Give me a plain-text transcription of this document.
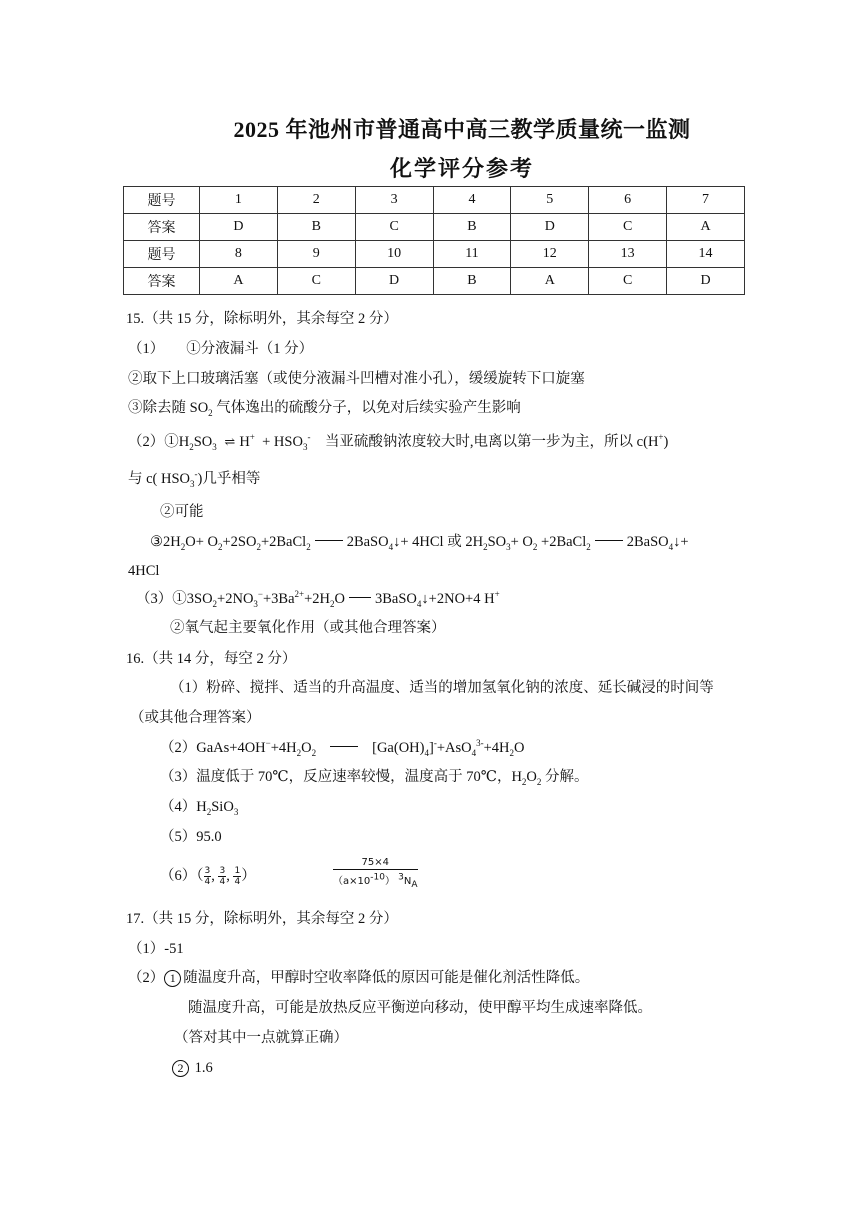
2025 年池州市普通高中高三教学质量统一监测
化学评分参考
题号	1	2	3	4	5	6	7
答案	D	B	C	B	D	C	A
题号	8	9	10	11	12	13	14
答案	A	C	D	B	A	C	D
15.（共 15 分，除标明外，其余每空 2 分）
（1） ①分液漏斗（1 分）
②取下上口玻璃活塞（或使分液漏斗凹槽对准小孔），缓缓旋转下口旋塞
③除去随 $SO_2$ 气体逸出的硫酸分子，以免对后续实验产生影响
$(2)①H_2SO_3$ ⇌ $H^+ + HSO_3^-$ 当亚硫酸钠浓度较大时,电离以第一步为主，所以 c(H+)
与 c( $HSO_3^-$)几乎相等
②可能
$③2H_2O+$ $O_2+2SO_2+2BaCl_2$ 2BaSO$_4$↓+ 4HCl 或 $2H_2SO_3+ O_2$ +2BaCl$_2$ 2BaSO$_4$↓+
4HCl
$(3)①3SO_2+2NO_3^-+3Ba^{2+}+2H_2O$ 3BaSO$_4$↓+2NO+4 H+
②氧气起主要氧化作用（或其他合理答案）
16.（共 14 分，每空 2 分）
（1）粉碎、搅拌、适当的升高温度、适当的增加氢氧化钠的浓度、延长碱浸的时间等
（或其他合理答案）
$(2)GaAs+4OH^-+4H_2O_2$	$[Ga(OH)_4]^-+AsO_4^{3-}+4H_2O$
（3）温度低于 70℃，反应速率较慢，温度高于 70℃，$H_2O_2$ 分解。
$(4)H_2SiO_3$
（5）95.0
$(6)( \frac{3}{4}$ , $\frac{3}{4}$ , $\frac{1}{4}$ ）	$\frac{75\times 4}{(a\times 10^{-10}) ^3N_A}$
17.（共 15 分，除标明外，其余每空 2 分）
（1）-51
（2） 1 随温度升高，甲醇时空收率降低的原因可能是催化剂活性降低。
随温度升高，可能是放热反应平衡逆向移动，使甲醇平均生成速率降低。
（答对其中一点就算正确）
2 1.6
